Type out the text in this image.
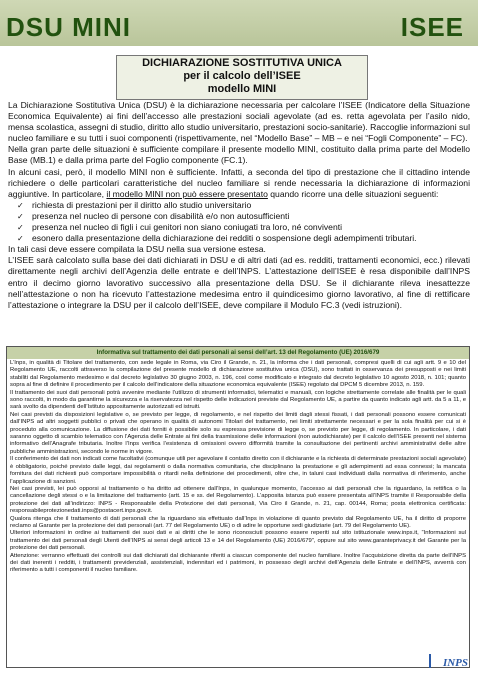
DSU MINI	ISEE
DICHIARAZIONE SOSTITUTIVA UNICA
per il calcolo dell’ISEE
modello MINI

La Dichiarazione Sostitutiva Unica (DSU) è la dichiarazione necessaria per calcolare l’ISEE (Indicatore della Situazione Economica Equivalente) ai fini dell’accesso alle prestazioni sociali agevolate (ad es. retta agevolata per l’asilo nido, mensa scolastica, assegni di studio, diritto allo studio universitario, prestazioni socio-sanitarie). Raccoglie informazioni sul nucleo familiare e su tutti i suoi componenti (rispettivamente, nel “Modello Base” – MB – e nei “Fogli Componente” – FC).

Nella gran parte delle situazioni è sufficiente compilare il presente modello MINI, costituito dalla prima parte del Modello Base (MB.1) e dalla prima parte del Foglio componente (FC.1).

In alcuni casi, però, il modello MINI non è sufficiente. Infatti, a seconda del tipo di prestazione che il cittadino intende richiedere o delle particolari caratteristiche del nucleo familiare si rende necessaria la dichiarazione di informazioni aggiuntive. In particolare, il modello MINI non può essere presentato quando ricorre una delle situazioni seguenti:

✓ richiesta di prestazioni per il diritto allo studio universitario
✓ presenza nel nucleo di persone con disabilità e/o non autosufficienti
✓ presenza nel nucleo di figli i cui genitori non siano coniugati tra loro, né conviventi
✓ esonero dalla presentazione della dichiarazione dei redditi o sospensione degli adempimenti tributari.

In tali casi deve essere compilata la DSU nella sua versione estesa.

L’ISEE sarà calcolato sulla base dei dati dichiarati in DSU e di altri dati (ad es. redditi, trattamenti economici, ecc.) rilevati direttamente negli archivi dell’Agenzia delle entrate e dell’INPS. L’attestazione dell’ISEE è resa disponibile dall’INPS entro il decimo giorno lavorativo successivo alla presentazione della DSU. Se il dichiarante rileva inesattezze nell’attestazione o non ha ricevuto l’attestazione medesima entro il quindicesimo giorno lavorativo, al fine di rettificare l’attestazione o integrare la DSU per il calcolo dell’ISEE, deve compilare il Modulo FC.3 (vedi istruzioni).

Informativa sul trattamento dei dati personali ai sensi dell’art. 13 del Regolamento (UE) 2016/679

L’Inps, in qualità di Titolare del trattamento, con sede legale in Roma, via Ciro il Grande, n. 21, la informa che i dati personali, compresi quelli di cui agli artt. 9 e 10 del Regolamento UE, raccolti attraverso la compilazione del presente modello di dichiarazione sostitutiva unica (DSU), sono trattati in osservanza dei presupposti e nei limiti stabiliti dal Regolamento medesimo e dal decreto legislativo 30 giugno 2003, n. 196, così come modificato e integrato dal decreto legislativo 10 agosto 2018, n. 101; quanto sopra al fine di definire il procedimento per il calcolo dell’indicatore della situazione economica equivalente (ISEE) regolato dal DPCM 5 dicembre 2013, n. 159.

Il trattamento dei suoi dati personali potrà avvenire mediante l’utilizzo di strumenti informatici, telematici e manuali, con logiche strettamente correlate alle finalità per le quali sono raccolti, in modo da garantirne la sicurezza e la riservatezza nel rispetto delle indicazioni previste dal Regolamento UE, a partire da quanto indicato agli artt. da 5 a 11, e sarà svolto da dipendenti dell’Istituto appositamente autorizzati ed istruiti.

Nei casi previsti da disposizioni legislative o, se previsto per legge, di regolamento, e nel rispetto dei limiti dagli stessi fissati, i dati personali possono essere comunicati dall’INPS ad altri soggetti pubblici o privati che operano in qualità di autonomi Titolari del trattamento, nei limiti strettamente necessari e per la sola finalità per cui si è proceduto alla comunicazione. La diffusione dei dati forniti è possibile solo su espressa previsione di legge o, se previsto per legge, di regolamento. In particolare, i dati saranno oggetto di scambio telematico con l’Agenzia delle Entrate ai fini della trasmissione delle informazioni (non autodichiarate) per il calcolo dell’ISEE presenti nel sistema informativo dell’Anagrafe tributaria. Inoltre l’Inps verifica l’esistenza di omissioni ovvero difformità tramite la consultazione dei pertinenti archivi amministrativi delle altre pubbliche amministrazioni, secondo le norme in vigore.

Il conferimento dei dati non indicati come facoltativi (comunque utili per agevolare il contatto diretto con il dichiarante e la richiesta di determinate prestazioni sociali agevolate) è obbligatorio, poiché previsto dalle leggi, dai regolamenti o dalla normativa comunitaria, che disciplinano la prestazione e gli adempimenti ad essa connessi; la mancata fornitura dei dati richiesti può comportare impossibilità o ritardi nella definizione dei procedimenti, oltre che, in taluni casi individuati dalla normativa di riferimento, anche l’applicazione di sanzioni.

Nei casi previsti, lei può opporsi al trattamento o ha diritto ad ottenere dall’Inps, in qualunque momento, l’accesso ai dati personali che la riguardano, la rettifica o la cancellazione degli stessi o e la limitazione del trattamento (artt. 15 e ss. del Regolamento). L’apposita istanza può essere presentata all’INPS tramite il Responsabile della protezione dei dati all’indirizzo: INPS - Responsabile della Protezione dei dati personali, Via Ciro il Grande, n. 21, cap. 00144, Roma; posta elettronica certificata: responsabileprotezionedati.inps@postacert.inps.gov.it.

Qualora ritenga che il trattamento di dati personali che la riguardano sia effettuato dall’Inps in violazione di quanto previsto dal Regolamento UE, ha il diritto di proporre reclamo al Garante per la protezione dei dati personali (art. 77 del Regolamento UE) o di adire le opportune sedi giudiziarie (art. 79 del Regolamento UE).

Ulteriori informazioni in ordine ai trattamenti dei suoi dati e ai diritti che le sono riconosciuti possono essere reperiti sul sito istituzionale www.inps.it, “Informazioni sul trattamento dei dati personali degli Utenti dell’INPS ai sensi degli articoli 13 e 14 del Regolamento (UE) 2016/679”, oppure sul sito www.garanteprivacy.it del Garante per la protezione dei dati personali.

Attenzione: verranno effettuati dei controlli sui dati dichiarati dal dichiarante riferiti a ciascun componente del nucleo familiare. Inoltre l’acquisizione diretta da parte dell’INPS dei dati inerenti i redditi, i trattamenti previdenziali, assistenziali, indennitari ed i patrimoni, in possesso degli archivi dell’Agenzia delle Entrate e dell’INPS, avverrà con riferimento a tutti i componenti il nucleo familiare.

INPS
